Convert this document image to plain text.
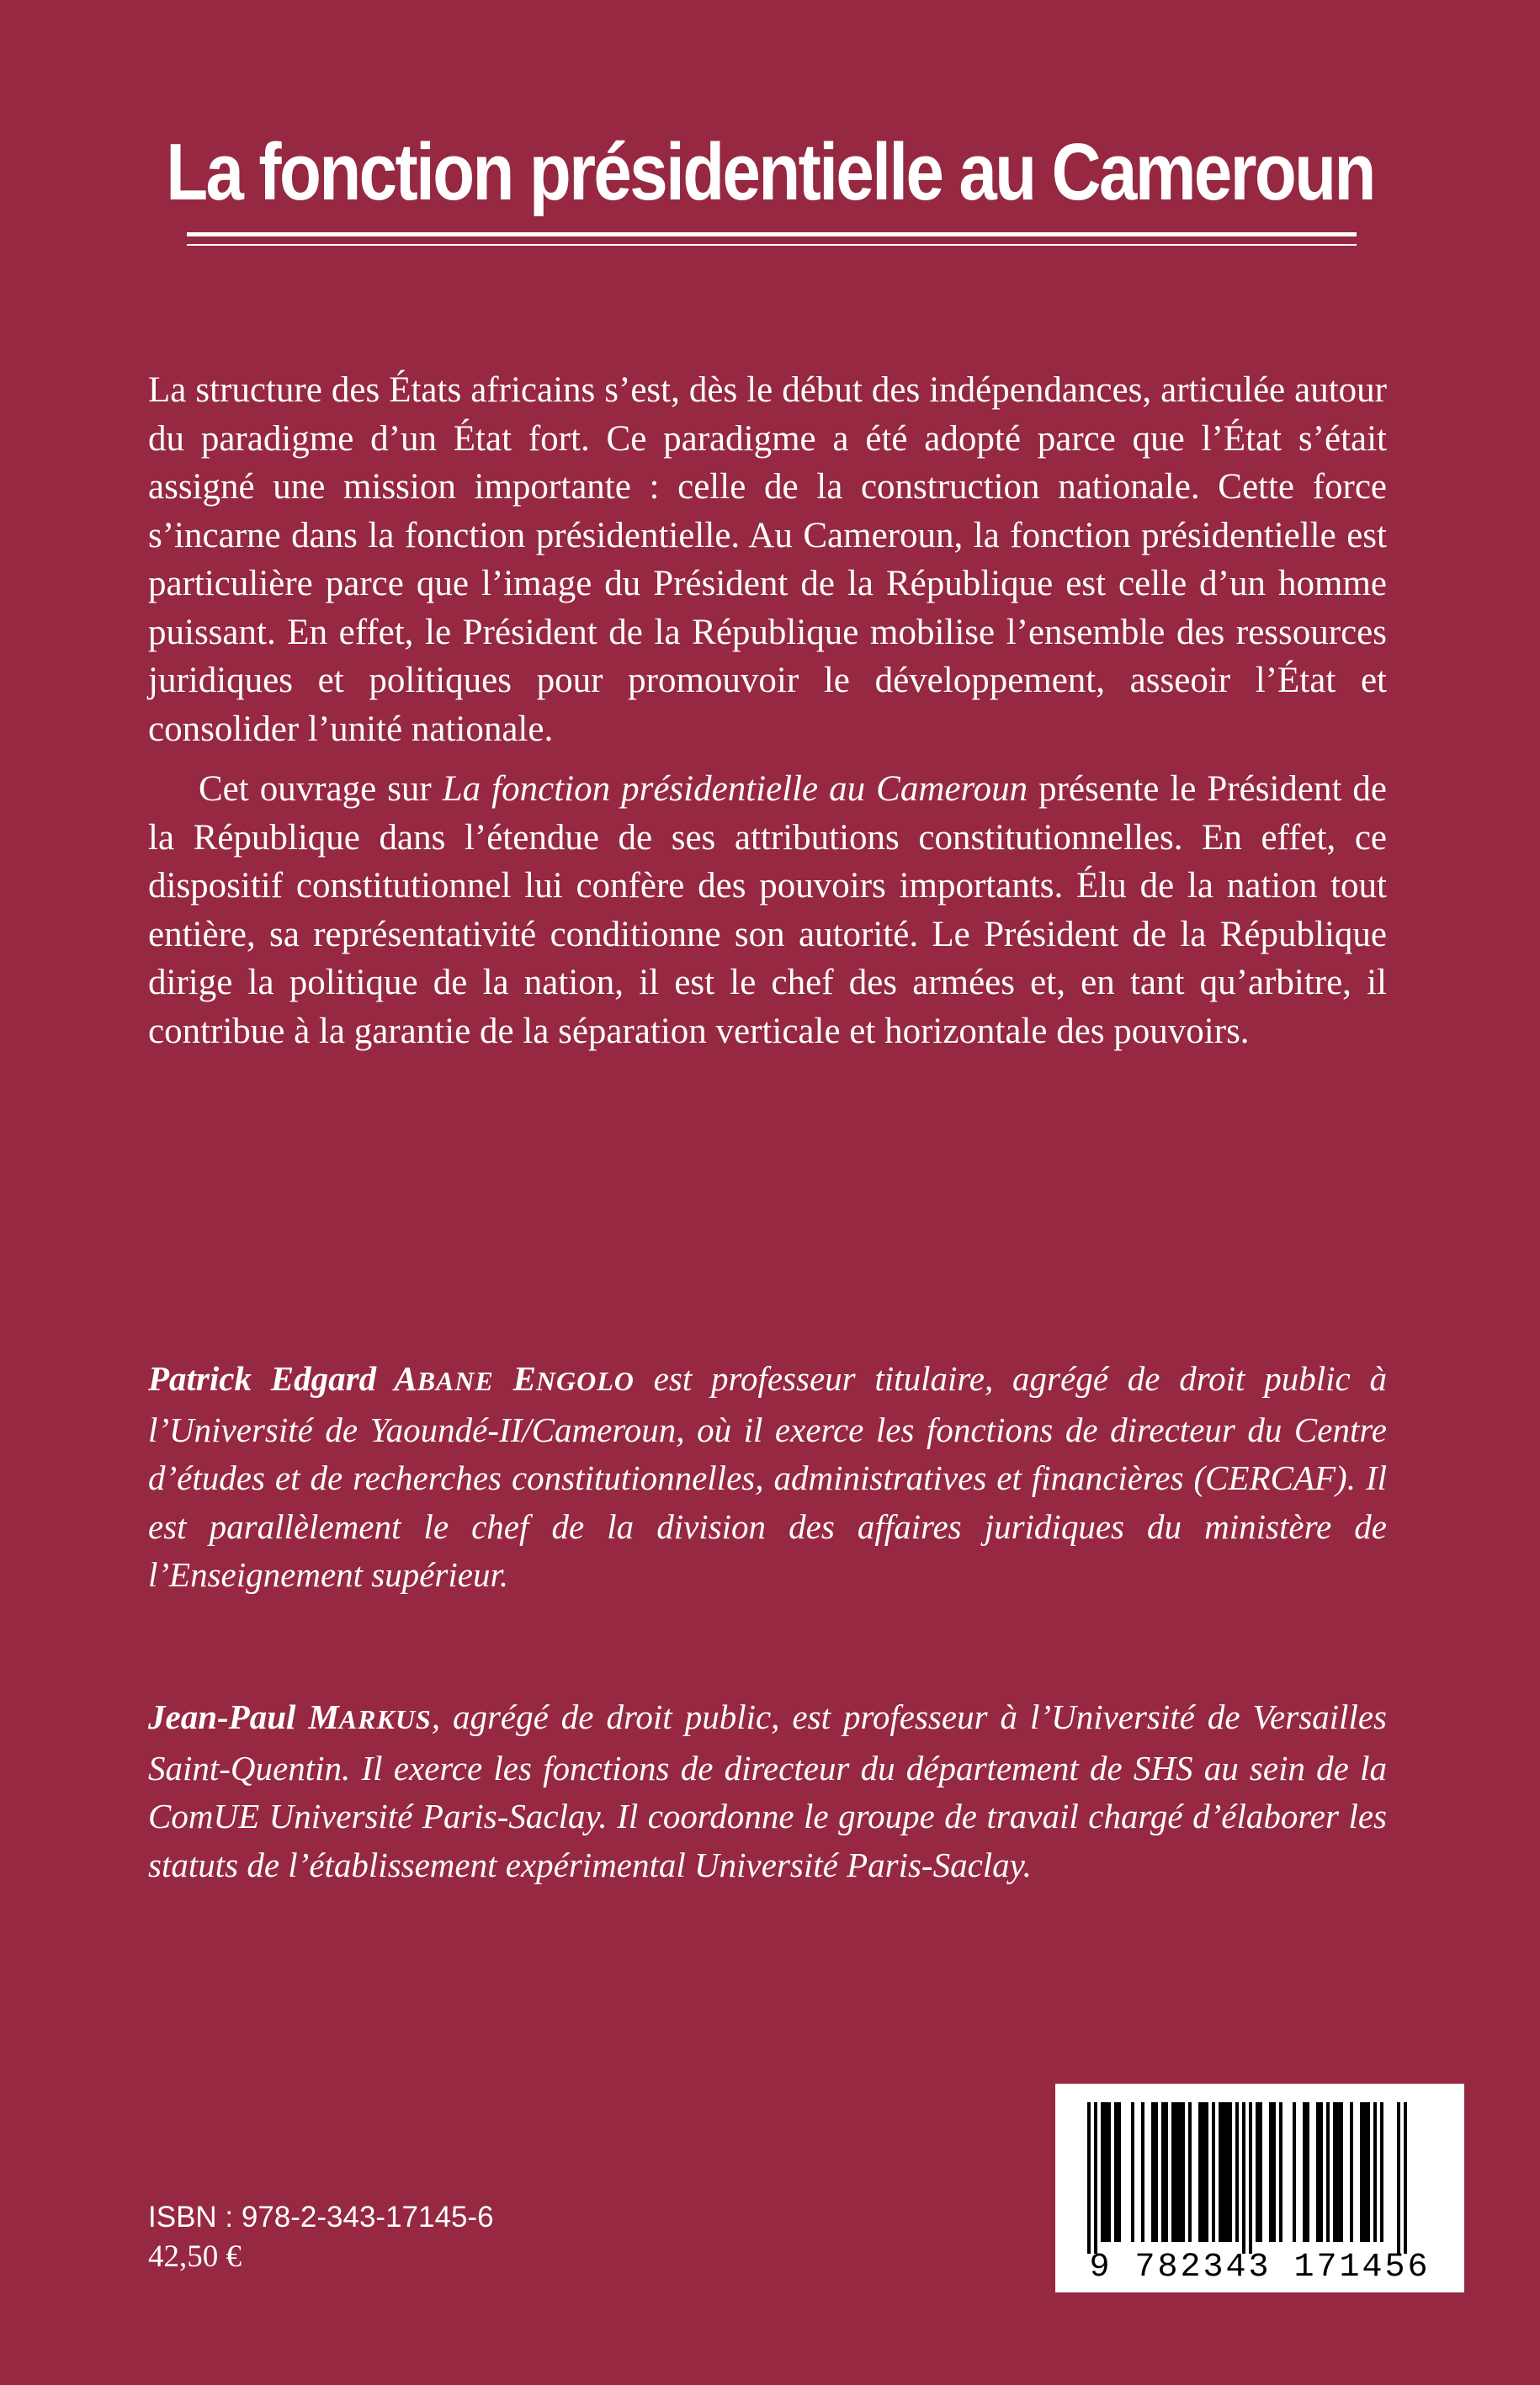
La fonction présidentielle au Cameroun

La structure des États africains s’est, dès le début des indépendances, articulée autour du paradigme d’un État fort. Ce paradigme a été adopté parce que l’État s’était assigné une mission importante : celle de la construction nationale. Cette force s’incarne dans la fonction présidentielle. Au Cameroun, la fonction présidentielle est particulière parce que l’image du Président de la République est celle d’un homme puissant. En effet, le Président de la République mobilise l’ensemble des ressources juridiques et politiques pour promouvoir le développement, asseoir l’État et consolider l’unité nationale.

Cet ouvrage sur La fonction présidentielle au Cameroun présente le Président de la République dans l’étendue de ses attributions constitutionnelles. En effet, ce dispositif constitutionnel lui confère des pouvoirs importants. Élu de la nation tout entière, sa représentativité conditionne son autorité. Le Président de la République dirige la politique de la nation, il est le chef des armées et, en tant qu’arbitre, il contribue à la garantie de la séparation verticale et horizontale des pouvoirs.

Patrick Edgard ABANE ENGOLO est professeur titulaire, agrégé de droit public à l’Université de Yaoundé-II/Cameroun, où il exerce les fonctions de directeur du Centre d’études et de recherches constitutionnelles, administratives et financières (CERCAF). Il est parallèlement le chef de la division des affaires juridiques du ministère de l’Enseignement supérieur.

Jean-Paul MARKUS, agrégé de droit public, est professeur à l’Université de Versailles Saint-Quentin. Il exerce les fonctions de directeur du département de SHS au sein de la ComUE Université Paris-Saclay. Il coordonne le groupe de travail chargé d’élaborer les statuts de l’établissement expérimental Université Paris-Saclay.

ISBN : 978-2-343-17145-6
42,50 €	9 782343 171456
